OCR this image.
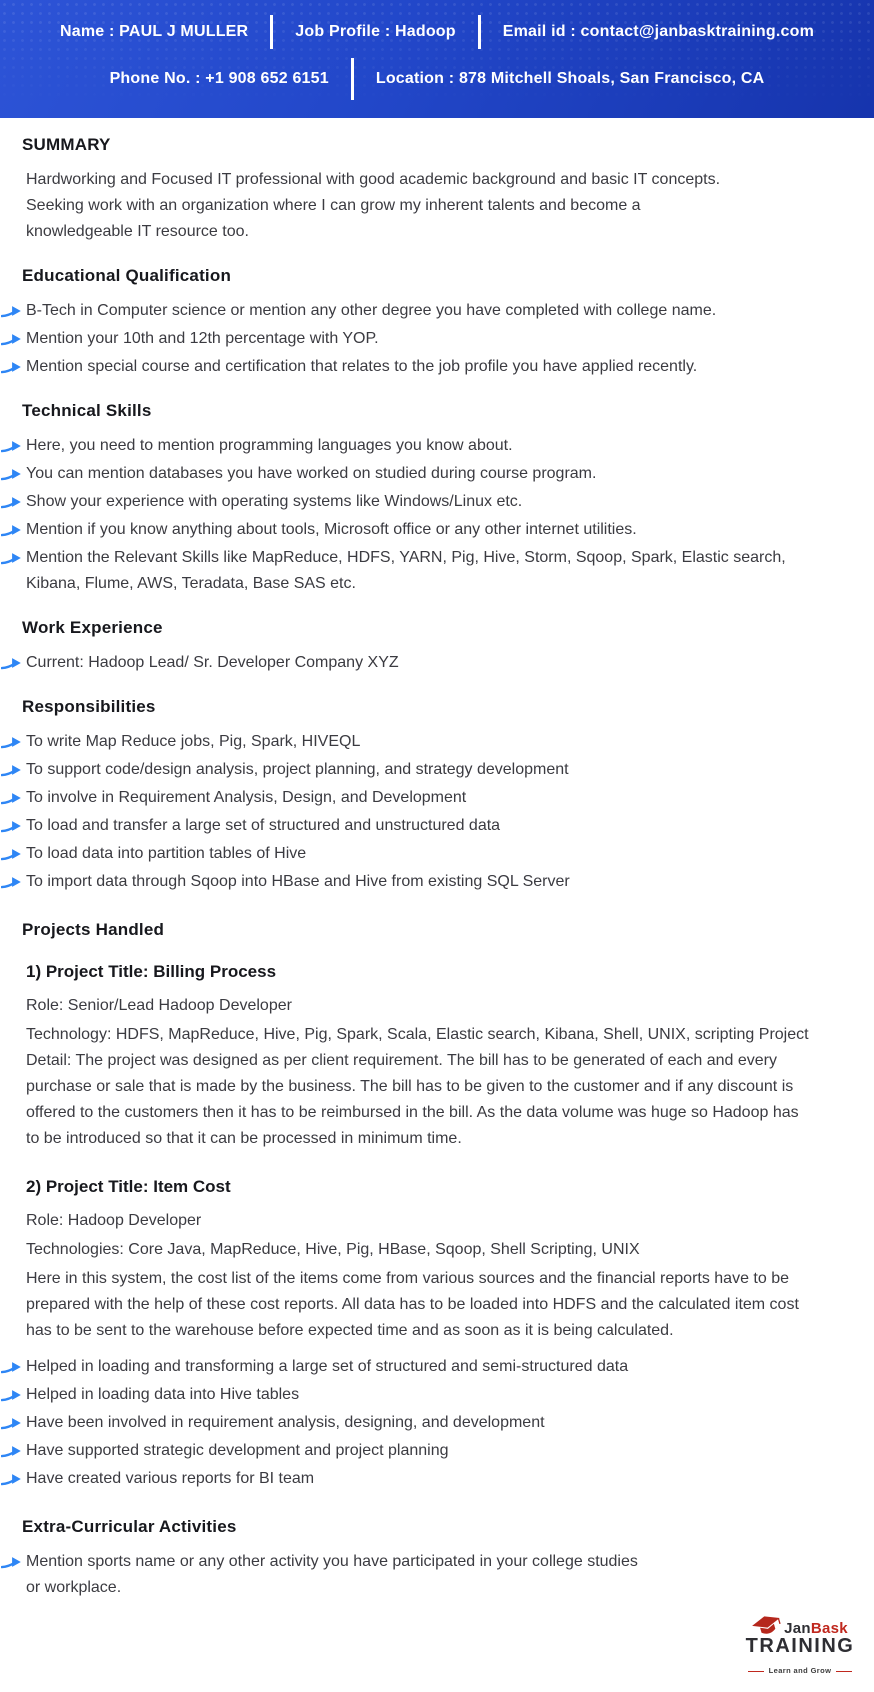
Name : PAUL J MULLER	Job Profile : Hadoop	Email id : contact@janbasktraining.com
Phone No. : +1 908 652 6151	Location : 878 Mitchell Shoals, San Francisco, CA
SUMMARY

Hardworking and Focused IT professional with good academic background and basic IT concepts. Seeking work with an organization where I can grow my inherent talents and become a knowledgeable IT resource too.

Educational Qualification
B-Tech in Computer science or mention any other degree you have completed with college name.
Mention your 10th and 12th percentage with YOP.
Mention special course and certification that relates to the job profile you have applied recently.
Technical Skills
Here, you need to mention programming languages you know about.
You can mention databases you have worked on studied during course program.
Show your experience with operating systems like Windows/Linux etc.
Mention if you know anything about tools, Microsoft office or any other internet utilities.
Mention the Relevant Skills like MapReduce, HDFS, YARN, Pig, Hive, Storm, Sqoop, Spark, Elastic search, Kibana, Flume, AWS, Teradata, Base SAS etc.
Work Experience
Current: Hadoop Lead/ Sr. Developer Company XYZ
Responsibilities
To write Map Reduce jobs, Pig, Spark, HIVEQL
To support code/design analysis, project planning, and strategy development
To involve in Requirement Analysis, Design, and Development
To load and transfer a large set of structured and unstructured data
To load data into partition tables of Hive
To import data through Sqoop into HBase and Hive from existing SQL Server
Projects Handled
1) Project Title: Billing Process

Role: Senior/Lead Hadoop Developer

Technology: HDFS, MapReduce, Hive, Pig, Spark, Scala, Elastic search, Kibana, Shell, UNIX, scripting Project Detail: The project was designed as per client requirement. The bill has to be generated of each and every purchase or sale that is made by the business. The bill has to be given to the customer and if any discount is offered to the customers then it has to be reimbursed in the bill. As the data volume was huge so Hadoop has to be introduced so that it can be processed in minimum time.

2) Project Title: Item Cost

Role: Hadoop Developer

Technologies: Core Java, MapReduce, Hive, Pig, HBase, Sqoop, Shell Scripting, UNIX

Here in this system, the cost list of the items come from various sources and the financial reports have to be prepared with the help of these cost reports. All data has to be loaded into HDFS and the calculated item cost has to be sent to the warehouse before expected time and as soon as it is being calculated.

Helped in loading and transforming a large set of structured and semi-structured data
Helped in loading data into Hive tables
Have been involved in requirement analysis, designing, and development
Have supported strategic development and project planning
Have created various reports for BI team
Extra-Curricular Activities
Mention sports name or any other activity you have participated in your college studies or workplace.
JanBask
TRAINING
Learn and Grow
